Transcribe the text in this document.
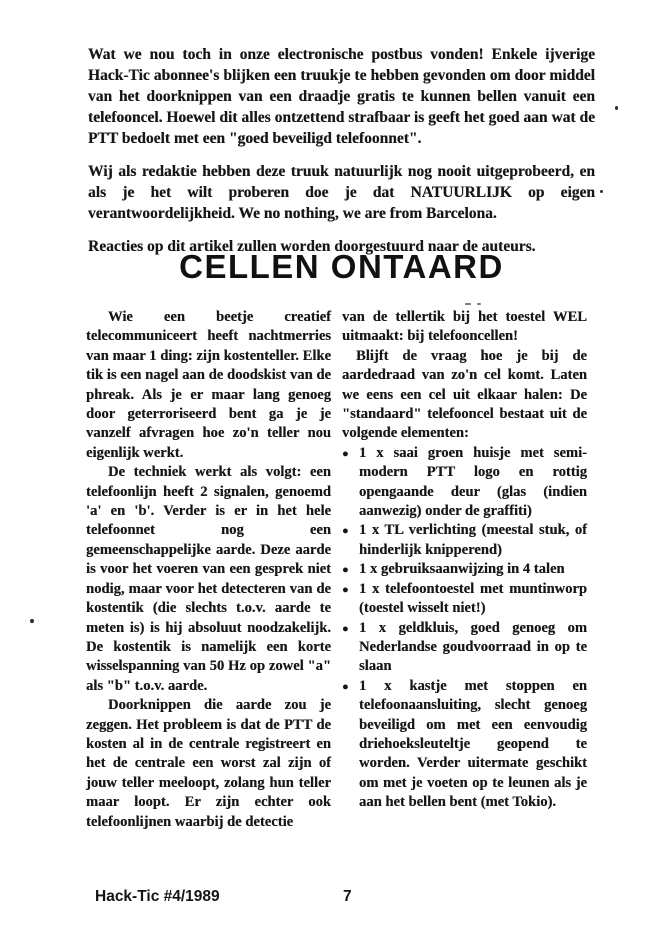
Wat we nou toch in onze electronische postbus vonden! Enkele ijverige Hack-Tic abonnee's blijken een truukje te hebben gevonden om door middel van het doorknippen van een draadje gratis te kunnen bellen vanuit een telefooncel. Hoewel dit alles ontzettend strafbaar is geeft het goed aan wat de PTT bedoelt met een "goed beveiligd telefoonnet".

Wij als redaktie hebben deze truuk natuurlijk nog nooit uitgeprobeerd, en als je het wilt proberen doe je dat NATUURLIJK op eigen verantwoordelijkheid. We no nothing, we are from Barcelona.

Reacties op dit artikel zullen worden doorgestuurd naar de auteurs.

CELLEN ONTAARD

Wie een beetje creatief telecommuniceert heeft nachtmerries van maar 1 ding: zijn kostenteller. Elke tik is een nagel aan de doodskist van de phreak. Als je er maar lang genoeg door geterroriseerd bent ga je je vanzelf afvragen hoe zo'n teller nou eigenlijk werkt.

De techniek werkt als volgt: een telefoonlijn heeft 2 signalen, genoemd 'a' en 'b'. Verder is er in het hele telefoonnet nog een gemeenschappelijke aarde. Deze aarde is voor het voeren van een gesprek niet nodig, maar voor het detecteren van de kostentik (die slechts t.o.v. aarde te meten is) is hij absoluut noodzakelijk. De kostentik is namelijk een korte wisselspanning van 50 Hz op zowel "a" als "b" t.o.v. aarde.

Doorknippen die aarde zou je zeggen. Het probleem is dat de PTT de kosten al in de centrale registreert en het de centrale een worst zal zijn of jouw teller meeloopt, zolang hun teller maar loopt. Er zijn echter ook telefoonlijnen waarbij de detectie

van de tellertik bij het toestel WEL uitmaakt: bij telefooncellen!

Blijft de vraag hoe je bij de aardedraad van zo'n cel komt. Laten we eens een cel uit elkaar halen: De "standaard" telefooncel bestaat uit de volgende elementen:

● 1 x saai groen huisje met semi-modern PTT logo en rottig opengaande deur (glas (indien aanwezig) onder de graffiti)
● 1 x TL verlichting (meestal stuk, of hinderlijk knipperend)
● 1 x gebruiksaanwijzing in 4 talen
● 1 x telefoontoestel met muntinworp (toestel wisselt niet!)
● 1 x geldkluis, goed genoeg om Nederlandse goudvoorraad in op te slaan
● 1 x kastje met stoppen en telefoonaansluiting, slecht genoeg beveiligd om met een eenvoudig driehoeksleuteltje geopend te worden. Verder uitermate geschikt om met je voeten op te leunen als je aan het bellen bent (met Tokio).
Hack-Tic #4/1989	7
